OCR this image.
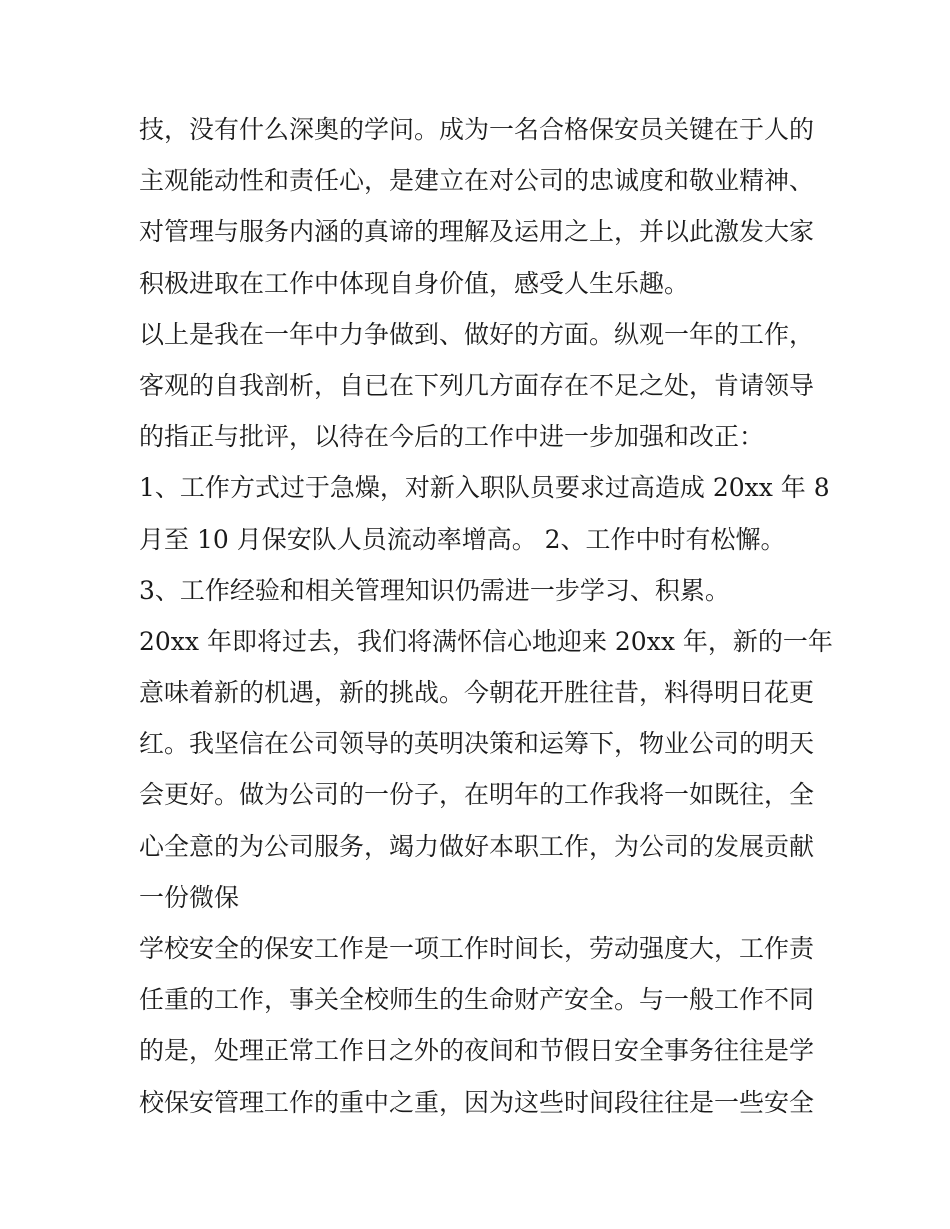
技，没有什么深奥的学问。成为一名合格保安员关键在于人的
主观能动性和责任心，是建立在对公司的忠诚度和敬业精神、
对管理与服务内涵的真谛的理解及运用之上，并以此激发大家
积极进取在工作中体现自身价值，感受人生乐趣。
以上是我在一年中力争做到、做好的方面。纵观一年的工作，
客观的自我剖析，自已在下列几方面存在不足之处，肯请领导
的指正与批评，以待在今后的工作中进一步加强和改正：
1、工作方式过于急燥，对新入职队员要求过高造成 20xx 年 8
月至 10 月保安队人员流动率增高。 2、工作中时有松懈。
3、工作经验和相关管理知识仍需进一步学习、积累。
20xx 年即将过去，我们将满怀信心地迎来 20xx 年，新的一年
意味着新的机遇，新的挑战。今朝花开胜往昔，料得明日花更
红。我坚信在公司领导的英明决策和运筹下，物业公司的明天
会更好。做为公司的一份子，在明年的工作我将一如既往，全
心全意的为公司服务，竭力做好本职工作，为公司的发展贡献
一份微保
学校安全的保安工作是一项工作时间长，劳动强度大，工作责
任重的工作，事关全校师生的生命财产安全。与一般工作不同
的是，处理正常工作日之外的夜间和节假日安全事务往往是学
校保安管理工作的重中之重，因为这些时间段往往是一些安全
